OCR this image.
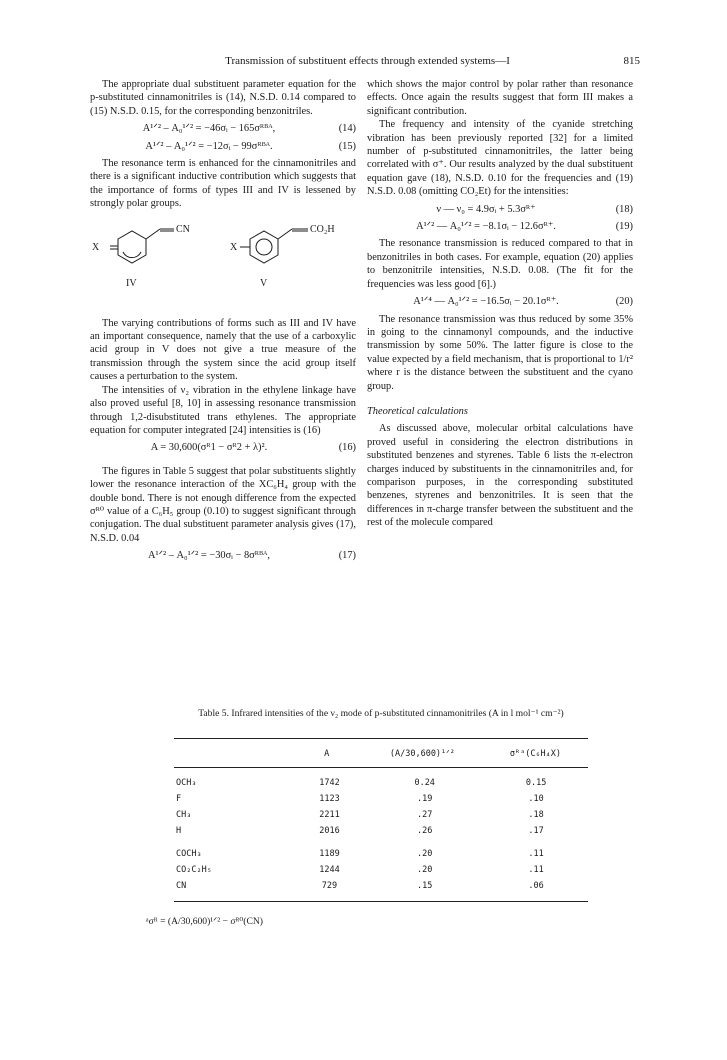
Transmission of substituent effects through extended systems—I	815

The appropriate dual substituent parameter equation for the p-substituted cinnamonitriles is (14), N.S.D. 0.14 compared to (15) N.S.D. 0.15, for the corresponding benzonitriles.

A¹ᐟ² – A₀¹ᐟ² = −46σᵢ − 165σᴿᴮᴬ,	(14)
A¹ᐟ² – A₀¹ᐟ² = −12σᵢ − 99σᴿᴮᴬ.	(15)

The resonance term is enhanced for the cinnamonitriles and there is a significant inductive contribution which suggests that the importance of forms of types III and IV is lessened by strongly polar groups.

X
CN
X
CO₂H
IV	V

The varying contributions of forms such as III and IV have an important consequence, namely that the use of a carboxylic acid group in V does not give a true measure of the transmission through the system since the acid group itself causes a perturbation to the system.

The intensities of ν₂ vibration in the ethylene linkage have also proved useful [8, 10] in assessing resonance transmission through 1,2-disubstituted trans ethylenes. The appropriate equation for computer integrated [24] intensities is (16)

A = 30,600(σᴿ1 − σᴿ2 + λ)².	(16)

The figures in Table 5 suggest that polar substituents slightly lower the resonance interaction of the XC₆H₄ group with the double bond. There is not enough difference from the expected σᴿ⁰ value of a C₆H₅ group (0.10) to suggest significant through conjugation. The dual substituent parameter analysis gives (17), N.S.D. 0.04

A¹ᐟ² – A₀¹ᐟ² = −30σᵢ − 8σᴿᴮᴬ,	(17)

which shows the major control by polar rather than resonance effects. Once again the results suggest that form III makes a significant contribution.

The frequency and intensity of the cyanide stretching vibration has been previously reported [32] for a limited number of p-substituted cinnamonitriles, the latter being correlated with σ⁺. Our results analyzed by the dual substituent equation gave (18), N.S.D. 0.10 for the frequencies and (19) N.S.D. 0.08 (omitting CO₂Et) for the intensities:

ν — ν₀ = 4.9σᵢ + 5.3σᴿ⁺	(18)
A¹ᐟ² — A₀¹ᐟ² = −8.1σᵢ − 12.6σᴿ⁺.	(19)

The resonance transmission is reduced compared to that in benzonitriles in both cases. For example, equation (20) applies to benzonitrile intensities, N.S.D. 0.08. (The fit for the frequencies was less good [6].)

A¹ᐟ⁴ — A₀¹ᐟ² = −16.5σᵢ − 20.1σᴿ⁺.	(20)

The resonance transmission was thus reduced by some 35% in going to the cinnamonyl compounds, and the inductive transmission by some 50%. The latter figure is close to the value expected by a field mechanism, that is proportional to 1/r² where r is the distance between the substituent and the cyano group.

Theoretical calculations

As discussed above, molecular orbital calculations have proved useful in considering the electron distributions in substituted benzenes and styrenes. Table 6 lists the π-electron charges induced by substituents in the cinnamonitriles and, for comparison purposes, in the corresponding substituted benzenes, styrenes and benzonitriles. It is seen that the differences in π-charge transfer between the substituent and the rest of the molecule compared

Table 5. Infrared intensities of the ν₂ mode of p-substituted cinnamonitriles (A in l mol⁻¹ cm⁻²)
	A	(A/30,600)¹ᐟ²	σᴿᵃ(C₆H₄X)
OCH₃	1742	0.24	0.15
F	1123	.19	.10
CH₃	2211	.27	.18
H	2016	.26	.17
COCH₃	1189	.20	.11
CO₂C₂H₅	1244	.20	.11
CN	729	.15	.06
ᵃσᴿ = (A/30,600)¹ᐟ² − σᴿ⁰(CN)
